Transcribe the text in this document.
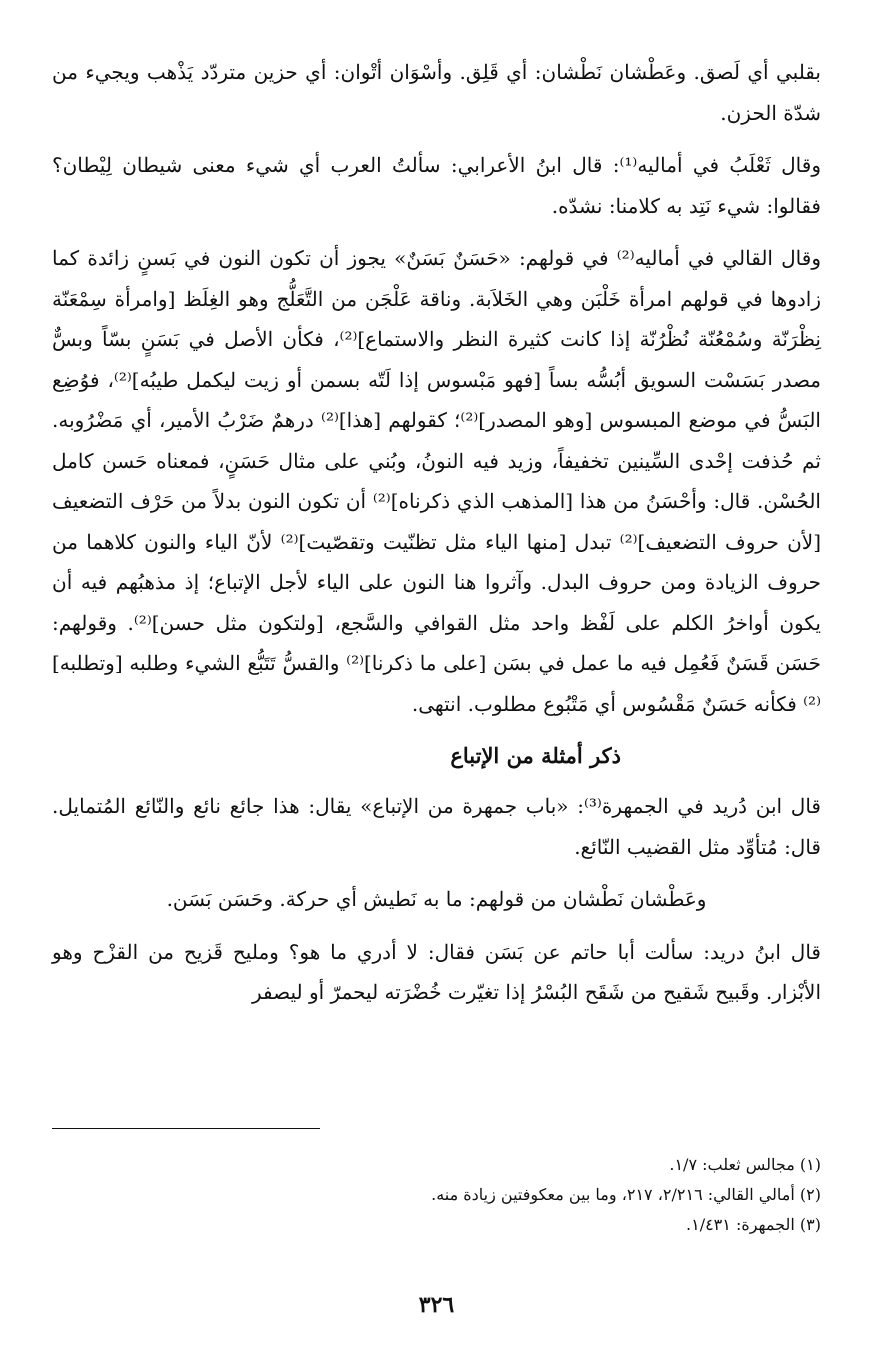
بقلبي أي لَصق. وعَطْشان نَطْشان: أي قَلِق. وأسْوَان أتْوان: أي حزين متردّد يَذْهب ويجيء من شدّة الحزن.

وقال ثَعْلَبُ في أماليه⁽¹⁾: قال ابنُ الأعرابي: سألتُ العرب أي شيء معنى شيطان لِيْطان؟ فقالوا: شيء نَتِد به كلامنا: نشدّه.

وقال القالي في أماليه⁽²⁾ في قولهم: «حَسَنٌ بَسَنٌ» يجوز أن تكون النون في بَسنٍ زائدة كما زادوها في قولهم امرأة خَلْبَن وهي الخَلاَبة. وناقة عَلْجَن من التَّعَلُّج وهو الغِلَظ [وامرأة سِمْعَنّة نِظْرَنّة وسُمْعُنّة نُظْرُنّة إذا كانت كثيرة النظر والاستماع]⁽²⁾، فكأن الأصل في بَسَنٍ بسّاً وبسٌّ مصدر بَسَسْت السويق أبُسُّه بساً [فهو مَبْسوس إذا لَتّه بسمن أو زيت ليكمل طيبُه]⁽²⁾، فوُضِع البَسُّ في موضع المبسوس [وهو المصدر]⁽²⁾؛ كقولهم [هذا]⁽²⁾ درهمٌ ضَرْبُ الأمير، أي مَضْرُوبه. ثم حُذفت إحْدى السِّينين تخفيفاً، وزيد فيه النونُ، وبُني على مثال حَسَنٍ، فمعناه حَسن كامل الحُسْن. قال: وأحْسَنُ من هذا [المذهب الذي ذكرناه]⁽²⁾ أن تكون النون بدلاً من حَرْف التضعيف [لأن حروف التضعيف]⁽²⁾ تبدل [منها الياء مثل تظنّيت وتقصّيت]⁽²⁾ لأنّ الياء والنون كلاهما من حروف الزيادة ومن حروف البدل. وآثروا هنا النون على الياء لأجل الإتباع؛ إذ مذهبُهم فيه أن يكون أواخرُ الكلم على لَفْظ واحد مثل القوافي والسَّجع، [ولتكون مثل حسن]⁽²⁾. وقولهم: حَسَن قَسَنٌ فَعُمِل فيه ما عمل في بسَن [على ما ذكرنا]⁽²⁾ والقسُّ تَتَبُّع الشيء وطلبه [وتطلبه]⁽²⁾ فكأنه حَسَنٌ مَقْسُوس أي مَتْبُوع مطلوب. انتهى.

ذكر أمثلة من الإتباع

قال ابن دُريد في الجمهرة⁽³⁾: «باب جمهرة من الإتباع» يقال: هذا جائع نائع والنّائع المُتمايل. قال: مُتأوِّد مثل القضيب النّائع.

وعَطْشان نَطْشان من قولهم: ما به نَطيش أي حركة. وحَسَن بَسَن.

قال ابنُ دريد: سألت أبا حاتم عن بَسَن فقال: لا أدري ما هو؟ ومليح قَزيح من القزْح وهو الأبْزار. وقَبيح شَقيح من شَقَح البُسْرُ إذا تغيّرت خُضْرَته ليحمرّ أو ليصفر

(١) مجالس ثعلب: ١/٧.

(٢) أمالي القالي: ٢/٢١٦، ٢١٧، وما بين معكوفتين زيادة منه.

(٣) الجمهرة: ١/٤٣١.

٣٢٦
